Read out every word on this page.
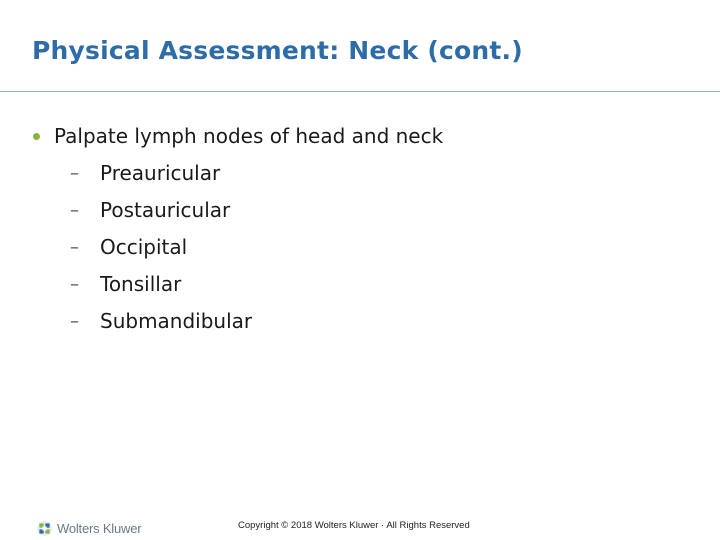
Physical Assessment: Neck (cont.)
Palpate lymph nodes of head and neck
–	Preauricular
–	Postauricular
–	Occipital
–	Tonsillar
–	Submandibular
Wolters Kluwer	Copyright © 2018 Wolters Kluwer · All Rights Reserved
